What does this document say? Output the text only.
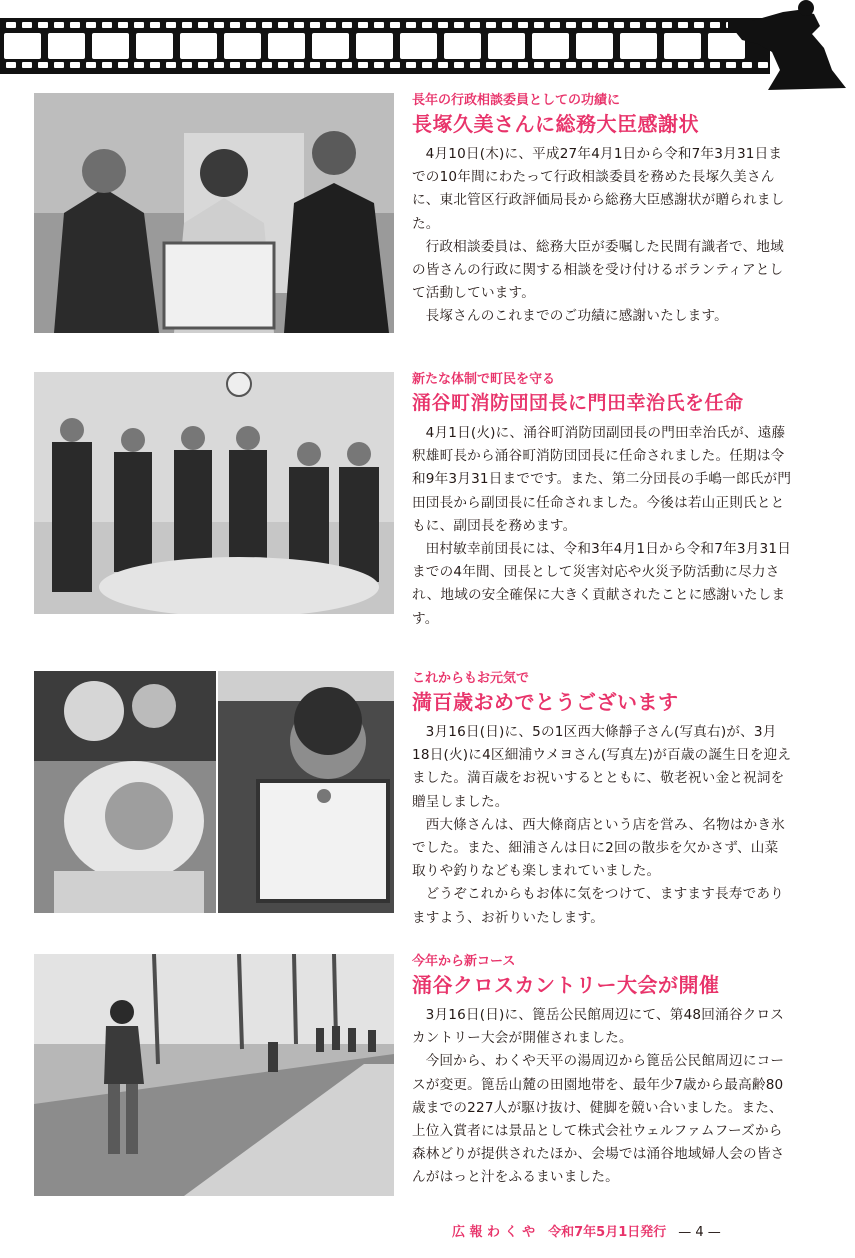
長年の行政相談委員としての功績に

長塚久美さんに総務大臣感謝状

4月10日(木)に、平成27年4月1日から令和7年3月31日までの10年間にわたって行政相談委員を務めた長塚久美さんに、東北管区行政評価局長から総務大臣感謝状が贈られました。

行政相談委員は、総務大臣が委嘱した民間有識者で、地域の皆さんの行政に関する相談を受け付けるボランティアとして活動しています。

長塚さんのこれまでのご功績に感謝いたします。

新たな体制で町民を守る

涌谷町消防団団長に門田幸治氏を任命

4月1日(火)に、涌谷町消防団副団長の門田幸治氏が、遠藤釈雄町長から涌谷町消防団団長に任命されました。任期は令和9年3月31日までです。また、第二分団長の手嶋一郎氏が門田団長から副団長に任命されました。今後は若山正則氏とともに、副団長を務めます。

田村敏幸前団長には、令和3年4月1日から令和7年3月31日までの4年間、団長として災害対応や火災予防活動に尽力され、地域の安全確保に大きく貢献されたことに感謝いたします。

これからもお元気で

満百歳おめでとうございます

3月16日(日)に、5の1区西大條靜子さん(写真右)が、3月18日(火)に4区細浦ウメヨさん(写真左)が百歳の誕生日を迎えました。満百歳をお祝いするとともに、敬老祝い金と祝詞を贈呈しました。

西大條さんは、西大條商店という店を営み、名物はかき氷でした。また、細浦さんは日に2回の散歩を欠かさず、山菜取りや釣りなども楽しまれていました。

どうぞこれからもお体に気をつけて、ますます長寿でありますよう、お祈りいたします。

今年から新コース

涌谷クロスカントリー大会が開催

3月16日(日)に、篦岳公民館周辺にて、第48回涌谷クロスカントリー大会が開催されました。

今回から、わくや天平の湯周辺から篦岳公民館周辺にコースが変更。篦岳山麓の田園地帯を、最年少7歳から最高齢80歳までの227人が駆け抜け、健脚を競い合いました。また、上位入賞者には景品として株式会社ウェルファムフーズから森林どりが提供されたほか、会場では涌谷地域婦人会の皆さんがはっと汁をふるまいました。

広 報 わ く や　令和7年5月1日発行 — 4 —
